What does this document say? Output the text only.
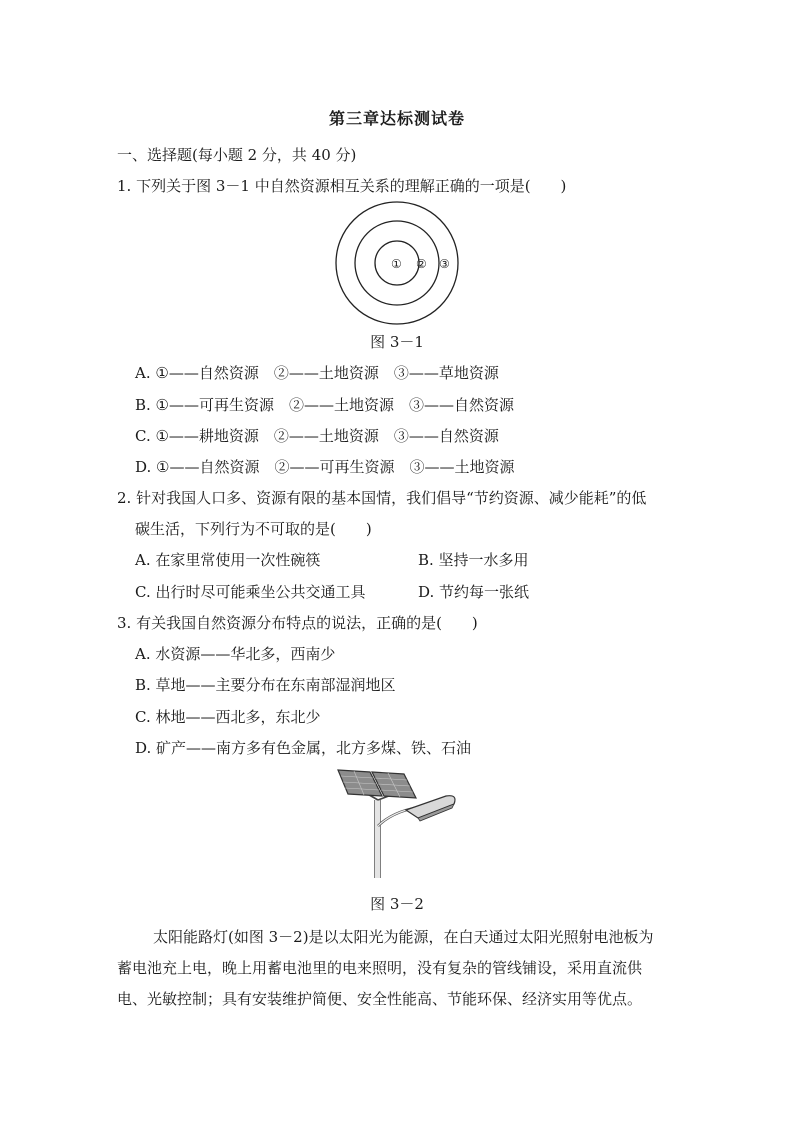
第三章达标测试卷
一、选择题(每小题 2 分，共 40 分)
1. 下列关于图 3－1 中自然资源相互关系的理解正确的一项是(　　)
① ② ③
图 3－1
A. ①——自然资源　②——土地资源　③——草地资源
B. ①——可再生资源　②——土地资源　③——自然资源
C. ①——耕地资源　②——土地资源　③——自然资源
D. ①——自然资源　②——可再生资源　③——土地资源
2. 针对我国人口多、资源有限的基本国情，我们倡导“节约资源、减少能耗”的低
碳生活，下列行为不可取的是(　　)
A. 在家里常使用一次性碗筷	B. 坚持一水多用
C. 出行时尽可能乘坐公共交通工具	D. 节约每一张纸
3. 有关我国自然资源分布特点的说法，正确的是(　　)
A. 水资源——华北多，西南少
B. 草地——主要分布在东南部湿润地区
C. 林地——西北多，东北少
D. 矿产——南方多有色金属，北方多煤、铁、石油
图 3－2
太阳能路灯(如图 3－2)是以太阳光为能源，在白天通过太阳光照射电池板为
蓄电池充上电，晚上用蓄电池里的电来照明，没有复杂的管线铺设，采用直流供
电、光敏控制；具有安装维护简便、安全性能高、节能环保、经济实用等优点。
